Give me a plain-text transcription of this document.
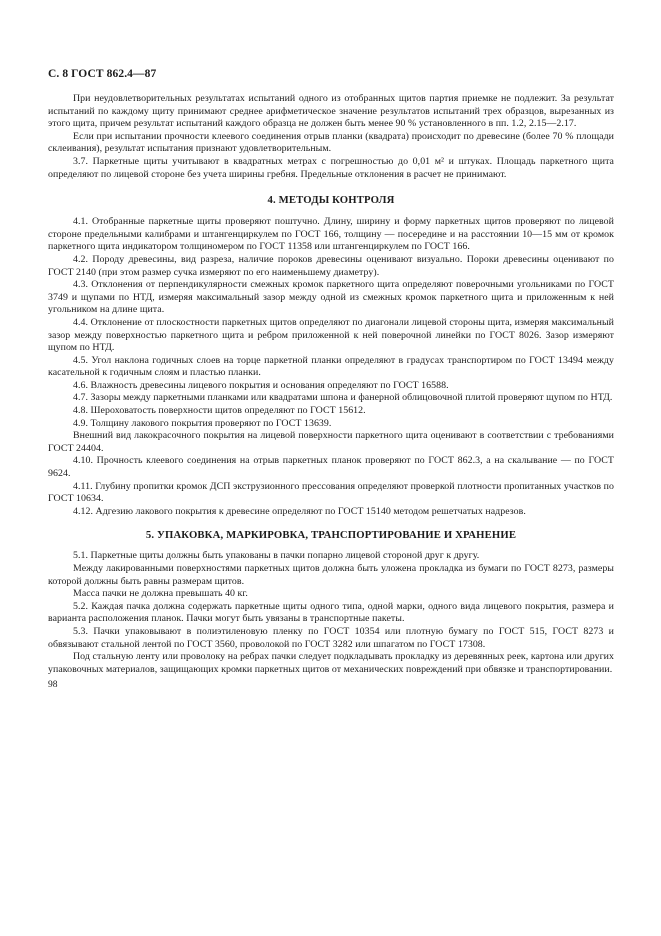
С. 8 ГОСТ 862.4—87

При неудовлетворительных результатах испытаний одного из отобранных щитов партия приемке не подлежит. За результат испытаний по каждому щиту принимают среднее арифметическое значение результатов испытаний трех образцов, вырезанных из этого щита, причем результат испытаний каждого образца не должен быть менее 90 % установленного в пп. 1.2, 2.15—2.17.

Если при испытании прочности клеевого соединения отрыв планки (квадрата) происходит по древесине (более 70 % площади склеивания), результат испытания признают удовлетворительным.

3.7. Паркетные щиты учитывают в квадратных метрах с погрешностью до 0,01 м² и штуках. Площадь паркетного щита определяют по лицевой стороне без учета ширины гребня. Предельные отклонения в расчет не принимают.

4. МЕТОДЫ КОНТРОЛЯ

4.1. Отобранные паркетные щиты проверяют поштучно. Длину, ширину и форму паркетных щитов проверяют по лицевой стороне предельными калибрами и штангенциркулем по ГОСТ 166, толщину — посередине и на расстоянии 10—15 мм от кромок паркетного щита индикатором толщиномером по ГОСТ 11358 или штангенциркулем по ГОСТ 166.

4.2. Породу древесины, вид разреза, наличие пороков древесины оценивают визуально. Пороки древесины оценивают по ГОСТ 2140 (при этом размер сучка измеряют по его наименьшему диаметру).

4.3. Отклонения от перпендикулярности смежных кромок паркетного щита определяют поверочными угольниками по ГОСТ 3749 и щупами по НТД, измеряя максимальный зазор между одной из смежных кромок паркетного щита и приложенным к ней угольником на длине щита.

4.4. Отклонение от плоскостности паркетных щитов определяют по диагонали лицевой стороны щита, измеряя максимальный зазор между поверхностью паркетного щита и ребром приложенной к ней поверочной линейки по ГОСТ 8026. Зазор измеряют щупом по НТД.

4.5. Угол наклона годичных слоев на торце паркетной планки определяют в градусах транспортиром по ГОСТ 13494 между касательной к годичным слоям и пластью планки.

4.6. Влажность древесины лицевого покрытия и основания определяют по ГОСТ 16588.

4.7. Зазоры между паркетными планками или квадратами шпона и фанерной облицовочной плитой проверяют щупом по НТД.

4.8. Шероховатость поверхности щитов определяют по ГОСТ 15612.

4.9. Толщину лакового покрытия проверяют по ГОСТ 13639.

Внешний вид лакокрасочного покрытия на лицевой поверхности паркетного щита оценивают в соответствии с требованиями ГОСТ 24404.

4.10. Прочность клеевого соединения на отрыв паркетных планок проверяют по ГОСТ 862.3, а на скалывание — по ГОСТ 9624.

4.11. Глубину пропитки кромок ДСП экструзионного прессования определяют проверкой плотности пропитанных участков по ГОСТ 10634.

4.12. Адгезию лакового покрытия к древесине определяют по ГОСТ 15140 методом решетчатых надрезов.

5. УПАКОВКА, МАРКИРОВКА, ТРАНСПОРТИРОВАНИЕ И ХРАНЕНИЕ

5.1. Паркетные щиты должны быть упакованы в пачки попарно лицевой стороной друг к другу.

Между лакированными поверхностями паркетных щитов должна быть уложена прокладка из бумаги по ГОСТ 8273, размеры которой должны быть равны размерам щитов.

Масса пачки не должна превышать 40 кг.

5.2. Каждая пачка должна содержать паркетные щиты одного типа, одной марки, одного вида лицевого покрытия, размера и варианта расположения планок. Пачки могут быть увязаны в транспортные пакеты.

5.3. Пачки упаковывают в полиэтиленовую пленку по ГОСТ 10354 или плотную бумагу по ГОСТ 515, ГОСТ 8273 и обвязывают стальной лентой по ГОСТ 3560, проволокой по ГОСТ 3282 или шпагатом по ГОСТ 17308.

Под стальную ленту или проволоку на ребрах пачки следует подкладывать прокладку из деревянных реек, картона или других упаковочных материалов, защищающих кромки паркетных щитов от механических повреждений при обвязке и транспортировании.

98
